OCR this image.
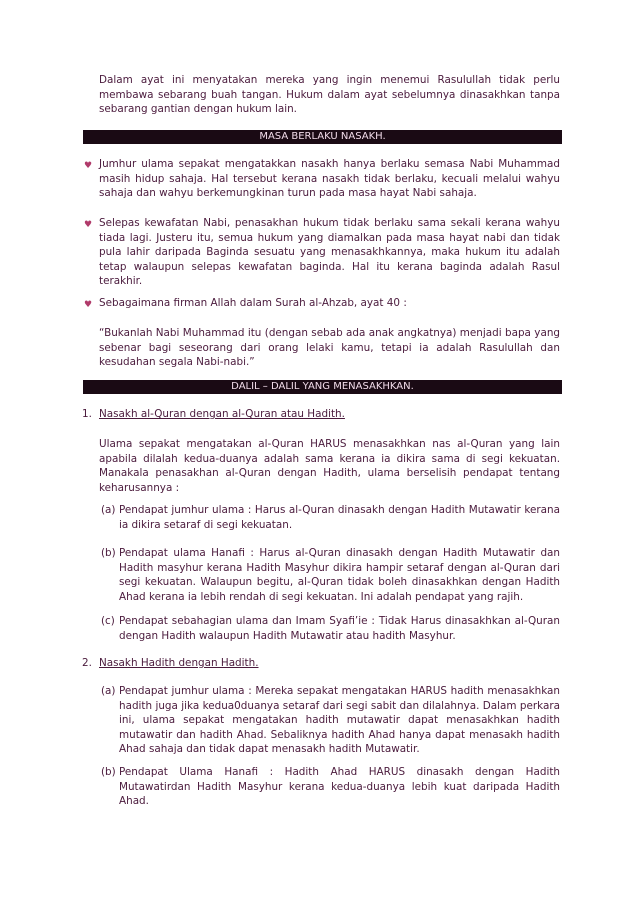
Dalam ayat ini menyatakan mereka yang ingin menemui Rasulullah tidak perlu membawa sebarang buah tangan. Hukum dalam ayat sebelumnya dinasakhkan tanpa sebarang gantian dengan hukum lain.

MASA BERLAKU NASAKH.
♥ Jumhur ulama sepakat mengatakkan nasakh hanya berlaku semasa Nabi Muhammad masih hidup sahaja. Hal tersebut kerana nasakh tidak berlaku, kecuali melalui wahyu sahaja dan wahyu berkemungkinan turun pada masa hayat Nabi sahaja.

♥ Selepas kewafatan Nabi, penasakhan hukum tidak berlaku sama sekali kerana wahyu tiada lagi. Justeru itu, semua hukum yang diamalkan pada masa hayat nabi dan tidak pula lahir daripada Baginda sesuatu yang menasakhkannya, maka hukum itu adalah tetap walaupun selepas kewafatan baginda. Hal itu kerana baginda adalah Rasul terakhir.

♥ Sebagaimana firman Allah dalam Surah al-Ahzab, ayat 40 :

“Bukanlah Nabi Muhammad itu (dengan sebab ada anak angkatnya) menjadi bapa yang sebenar bagi seseorang dari orang lelaki kamu, tetapi ia adalah Rasulullah dan kesudahan segala Nabi-nabi.”

DALIL – DALIL YANG MENASAKHKAN.
1. Nasakh al-Quran dengan al-Quran atau Hadith.

Ulama sepakat mengatakan al-Quran HARUS menasakhkan nas al-Quran yang lain apabila dilalah kedua-duanya adalah sama kerana ia dikira sama di segi kekuatan. Manakala penasakhan al-Quran dengan Hadith, ulama berselisih pendapat tentang keharusannya :

(a) Pendapat jumhur ulama : Harus al-Quran dinasakh dengan Hadith Mutawatir kerana ia dikira setaraf di segi kekuatan.
(b) Pendapat ulama Hanafi : Harus al-Quran dinasakh dengan Hadith Mutawatir dan Hadith masyhur kerana Hadith Masyhur dikira hampir setaraf dengan al-Quran dari segi kekuatan. Walaupun begitu, al-Quran tidak boleh dinasakhkan dengan Hadith Ahad kerana ia lebih rendah di segi kekuatan. Ini adalah pendapat yang rajih.
(c) Pendapat sebahagian ulama dan Imam Syafi’ie : Tidak Harus dinasakhkan al-Quran dengan Hadith walaupun Hadith Mutawatir atau hadith Masyhur.
2. Nasakh Hadith dengan Hadith.
(a) Pendapat jumhur ulama : Mereka sepakat mengatakan HARUS hadith menasakhkan hadith juga jika kedua0duanya setaraf dari segi sabit dan dilalahnya. Dalam perkara ini, ulama sepakat mengatakan hadith mutawatir dapat menasakhkan hadith mutawatir dan hadith Ahad. Sebaliknya hadith Ahad hanya dapat menasakh hadith Ahad sahaja dan tidak dapat menasakh hadith Mutawatir.
(b) Pendapat Ulama Hanafi : Hadith Ahad HARUS dinasakh dengan Hadith Mutawatirdan Hadith Masyhur kerana kedua-duanya lebih kuat daripada Hadith Ahad.
